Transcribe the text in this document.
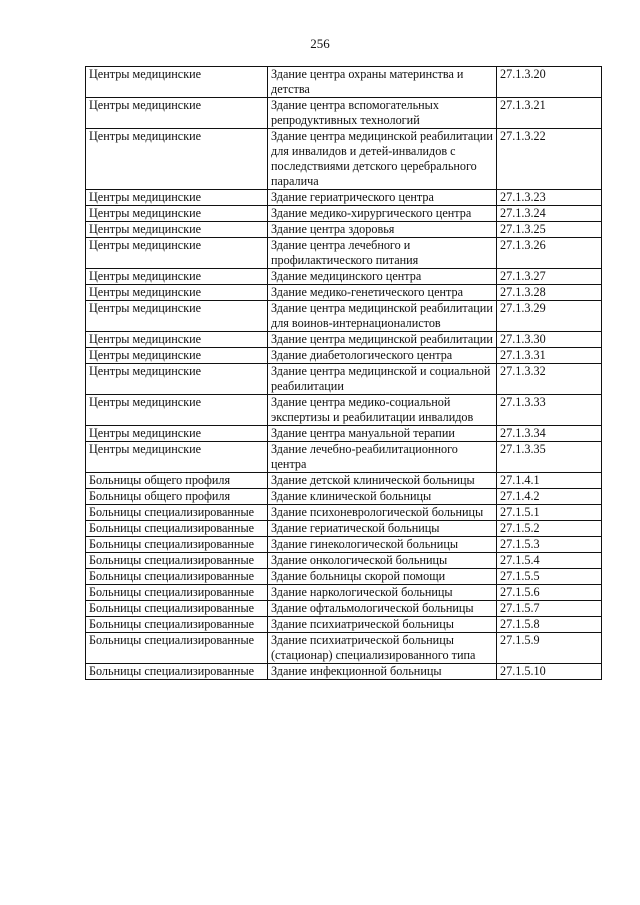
256
Центры медицинские	Здание центра охраны материнства и детства	27.1.3.20
Центры медицинские	Здание центра вспомогательных репродуктивных технологий	27.1.3.21
Центры медицинские	Здание центра медицинской реабилитации для инвалидов и детей-инвалидов с последствиями детского церебрального паралича	27.1.3.22
Центры медицинские	Здание гериатрического центра	27.1.3.23
Центры медицинские	Здание медико-хирургического центра	27.1.3.24
Центры медицинские	Здание центра здоровья	27.1.3.25
Центры медицинские	Здание центра лечебного и профилактического питания	27.1.3.26
Центры медицинские	Здание медицинского центра	27.1.3.27
Центры медицинские	Здание медико-генетического центра	27.1.3.28
Центры медицинские	Здание центра медицинской реабилитации для воинов-интернационалистов	27.1.3.29
Центры медицинские	Здание центра медицинской реабилитации	27.1.3.30
Центры медицинские	Здание диабетологического центра	27.1.3.31
Центры медицинские	Здание центра медицинской и социальной реабилитации	27.1.3.32
Центры медицинские	Здание центра медико-социальной экспертизы и реабилитации инвалидов	27.1.3.33
Центры медицинские	Здание центра мануальной терапии	27.1.3.34
Центры медицинские	Здание лечебно-реабилитационного центра	27.1.3.35
Больницы общего профиля	Здание детской клинической больницы	27.1.4.1
Больницы общего профиля	Здание клинической больницы	27.1.4.2
Больницы специализированные	Здание психоневрологической больницы	27.1.5.1
Больницы специализированные	Здание гериатической больницы	27.1.5.2
Больницы специализированные	Здание гинекологической больницы	27.1.5.3
Больницы специализированные	Здание онкологической больницы	27.1.5.4
Больницы специализированные	Здание больницы скорой помощи	27.1.5.5
Больницы специализированные	Здание наркологической больницы	27.1.5.6
Больницы специализированные	Здание офтальмологической больницы	27.1.5.7
Больницы специализированные	Здание психиатрической больницы	27.1.5.8
Больницы специализированные	Здание психиатрической больницы (стационар) специализированного типа	27.1.5.9
Больницы специализированные	Здание инфекционной больницы	27.1.5.10
